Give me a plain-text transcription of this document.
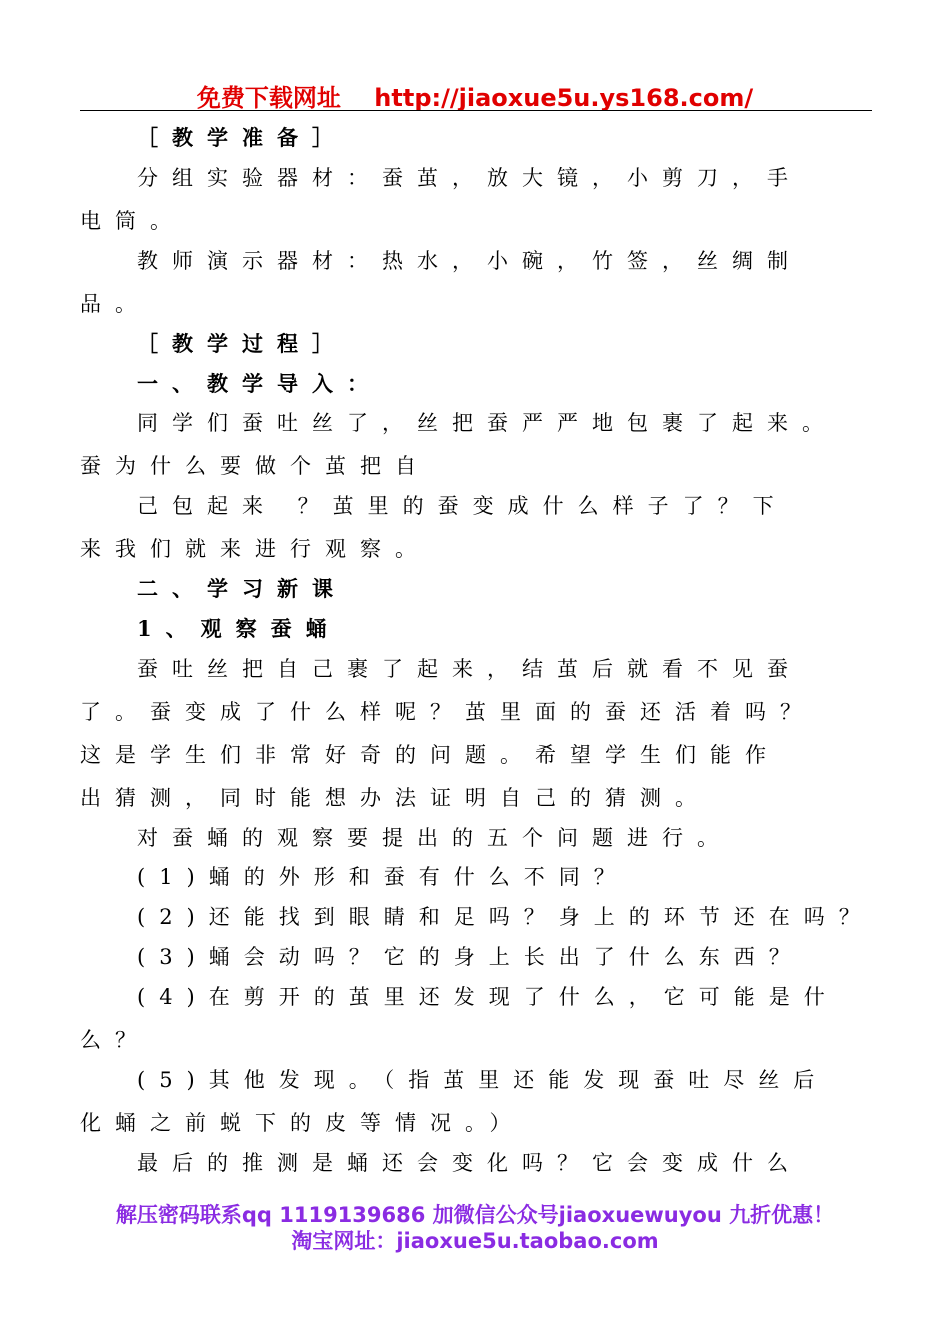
免费下载网址 http://jiaoxue5u.ys168.com/
［教学准备］
分组实验器材：蚕茧，放大镜，小剪刀，手
电筒。
教师演示器材：热水，小碗，竹签，丝绸制
品。
［教学过程］
一、教学导入：
同学们蚕吐丝了，丝把蚕严严地包裹了起来。
蚕为什么要做个茧把自
己包起来 ？茧里的蚕变成什么样子了？下
来我们就来进行观察。
二、学习新课
1、观察蚕蛹
蚕吐丝把自己裹了起来，结茧后就看不见蚕
了。蚕变成了什么样呢？茧里面的蚕还活着吗？
这是学生们非常好奇的问题。希望学生们能作
出猜测，同时能想办法证明自己的猜测。
对蚕蛹的观察要提出的五个问题进行。
(1)蛹的外形和蚕有什么不同？
(2)还能找到眼睛和足吗？身上的环节还在吗？
(3)蛹会动吗？它的身上长出了什么东西？
(4)在剪开的茧里还发现了什么，它可能是什
么？
(5)其他发现。（指茧里还能发现蚕吐尽丝后
化蛹之前蜕下的皮等情况。）
最后的推测是蛹还会变化吗？它会变成什么
解压密码联系qq 1119139686 加微信公众号jiaoxuewuyou 九折优惠！
淘宝网址：jiaoxue5u.taobao.com
